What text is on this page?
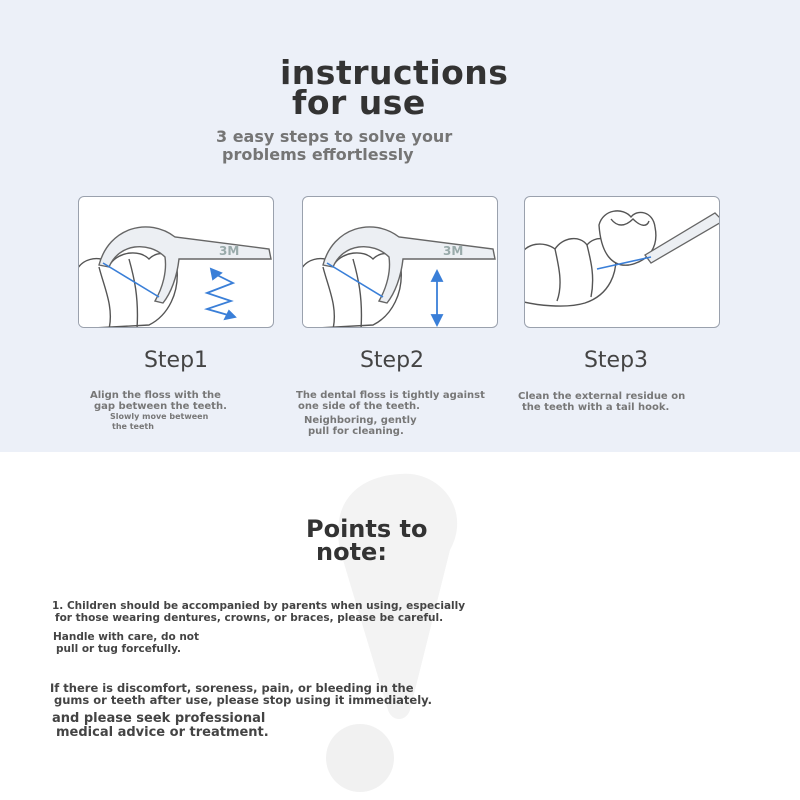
instructions
for use
3 easy steps to solve your
problems effortlessly
3M
Step1
Align the floss with the
gap between the teeth.
Slowly move between
the teeth
3M
Step2
The dental floss is tightly against
one side of the teeth.
Neighboring, gently
pull for cleaning.
Step3
Clean the external residue on
the teeth with a tail hook.
Points to
note:
1. Children should be accompanied by parents when using, especially
for those wearing dentures, crowns, or braces, please be careful.
Handle with care, do not
pull or tug forcefully.
If there is discomfort, soreness, pain, or bleeding in the
gums or teeth after use, please stop using it immediately.
and please seek professional
medical advice or treatment.
